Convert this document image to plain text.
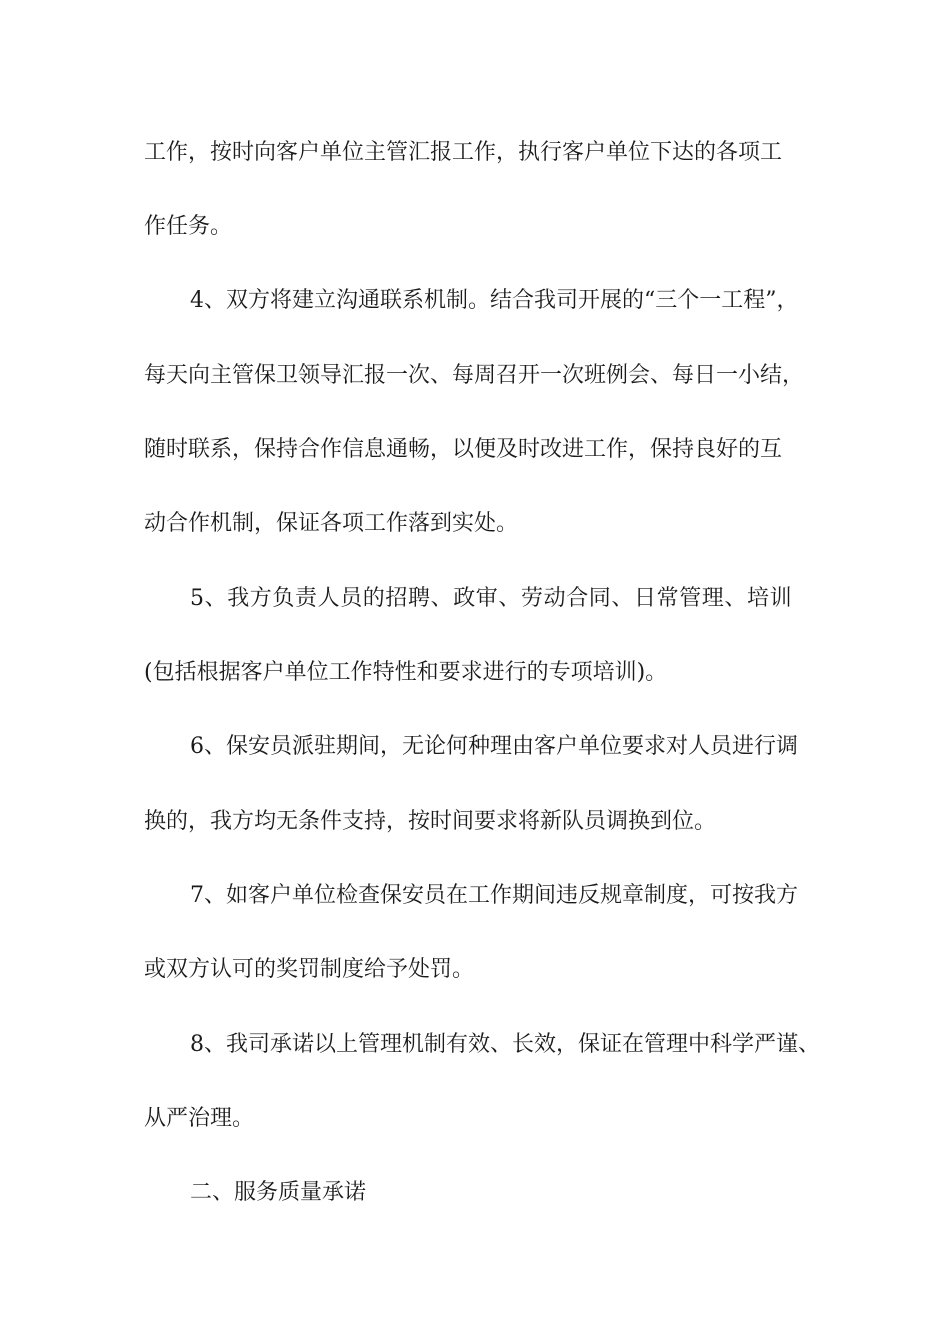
工作，按时向客户单位主管汇报工作，执行客户单位下达的各项工
作任务。
4、双方将建立沟通联系机制。结合我司开展的“三个一工程”，
每天向主管保卫领导汇报一次、每周召开一次班例会、每日一小结，
随时联系，保持合作信息通畅，以便及时改进工作，保持良好的互
动合作机制，保证各项工作落到实处。
5、我方负责人员的招聘、政审、劳动合同、日常管理、培训
(包括根据客户单位工作特性和要求进行的专项培训)。
6、保安员派驻期间，无论何种理由客户单位要求对人员进行调
换的，我方均无条件支持，按时间要求将新队员调换到位。
7、如客户单位检查保安员在工作期间违反规章制度，可按我方
或双方认可的奖罚制度给予处罚。
8、我司承诺以上管理机制有效、长效，保证在管理中科学严谨、
从严治理。
二、服务质量承诺
